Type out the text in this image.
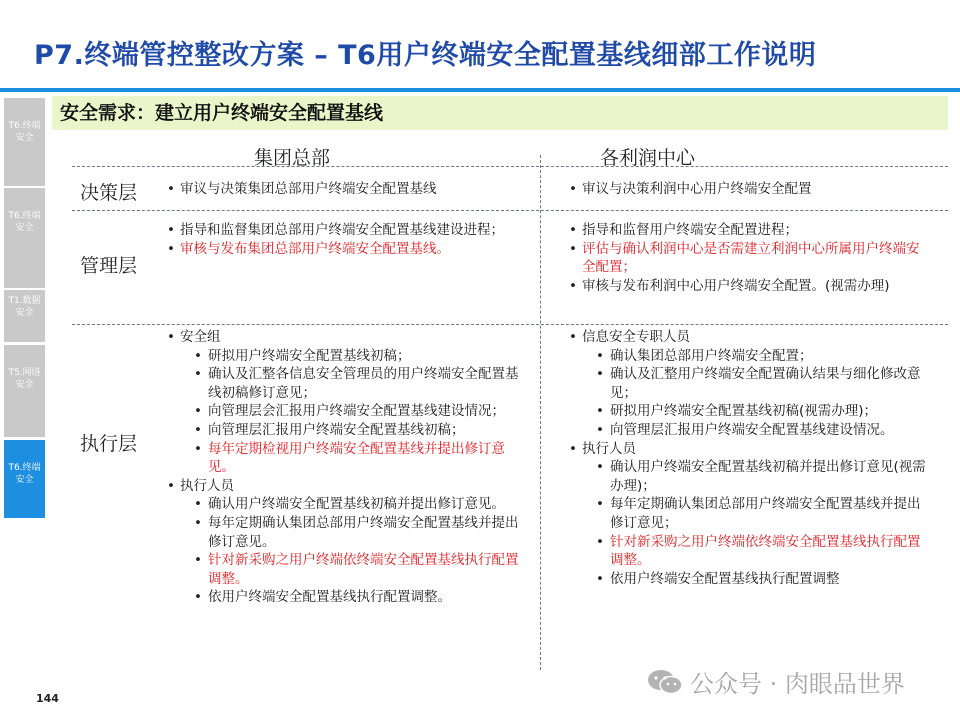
P7.终端管控整改方案 – T6用户终端安全配置基线细部工作说明
T6.终端安全
T6.终端安全
T1.数据安全
T5.网络安全
T6.终端安全
安全需求：建立用户终端安全配置基线
集团总部	各利润中心
决策层
管理层
执行层
• 审议与决策集团总部用户终端安全配置基线
•	审议与决策利润中心用户终端安全配置
• 指导和监督集团总部用户终端安全配置基线建设进程；
• 审核与发布集团总部用户终端安全配置基线。
• 指导和监督用户终端安全配置进程；
• 评估与确认利润中心是否需建立利润中心所属用户终端安全配置；
• 审核与发布利润中心用户终端安全配置。(视需办理)
• 安全组
• 研拟用户终端安全配置基线初稿；
• 确认及汇整各信息安全管理员的用户终端安全配置基线初稿修订意见；
• 向管理层会汇报用户终端安全配置基线建设情况；
• 向管理层汇报用户终端安全配置基线初稿；
• 每年定期检视用户终端安全配置基线并提出修订意见。
• 执行人员
• 确认用户终端安全配置基线初稿并提出修订意见。
• 每年定期确认集团总部用户终端安全配置基线并提出修订意见。
• 针对新采购之用户终端依终端安全配置基线执行配置调整。
• 依用户终端安全配置基线执行配置调整。
• 信息安全专职人员
• 确认集团总部用户终端安全配置；
• 确认及汇整用户终端安全配置确认结果与细化修改意见；
• 研拟用户终端安全配置基线初稿(视需办理)；
• 向管理层汇报用户终端安全配置基线建设情况。
• 执行人员
• 确认用户终端安全配置基线初稿并提出修订意见(视需办理)；
• 每年定期确认集团总部用户终端安全配置基线并提出修订意见；
• 针对新采购之用户终端依终端安全配置基线执行配置调整。
• 依用户终端安全配置基线执行配置调整
144
公众号 · 肉眼品世界
